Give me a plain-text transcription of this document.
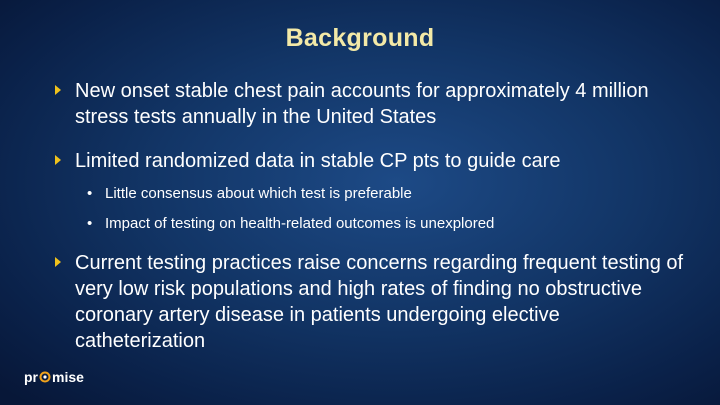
Background
New onset stable chest pain accounts for approximately 4 million stress tests annually in the United States
Limited randomized data in stable CP pts to guide care
• Little consensus about which test is preferable
• Impact of testing on health-related outcomes is unexplored
Current testing practices raise concerns regarding frequent testing of very low risk populations and high rates of finding no obstructive coronary artery disease in patients undergoing elective catheterization
pr mise
